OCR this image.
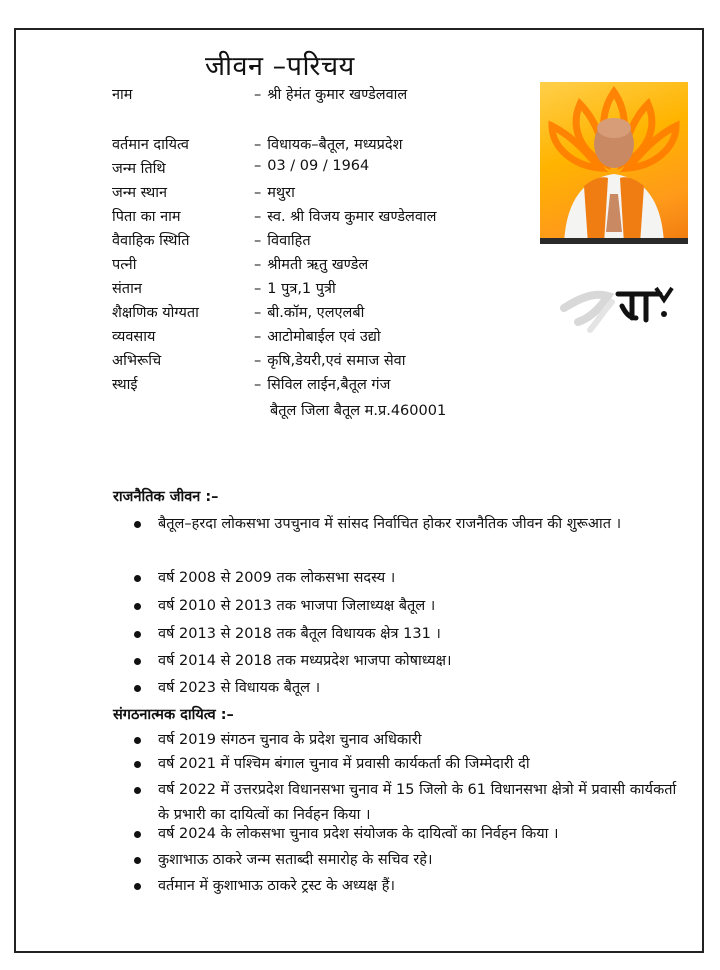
जीवन –परिचय
नाम	– श्री हेमंत कुमार खण्डेलवाल
वर्तमान दायित्व	– विधायक–बैतूल, मध्यप्रदेश
जन्म तिथि	– 03 / 09 / 1964
जन्म स्थान	– मथुरा
पिता का नाम	– स्व. श्री विजय कुमार खण्डेलवाल
वैवाहिक स्थिति	– विवाहित
पत्नी	– श्रीमती ऋतु खण्डेल
संतान	– 1 पुत्र,1 पुत्री
शैक्षणिक योग्यता	– बी.कॉम, एलएलबी
व्यवसाय	– आटोमोबाईल एवं उद्यो
अभिरूचि	– कृषि,डेयरी,एवं समाज सेवा
स्थाई	– सिविल लाईन,बैतूल गंज
बैतूल जिला बैतूल म.प्र.460001
राजनैतिक जीवन :–
बैतूल–हरदा लोकसभा उपचुनाव में सांसद निर्वाचित होकर राजनैतिक जीवन की शुरूआत ।
वर्ष 2008 से 2009 तक लोकसभा सदस्य ।
वर्ष 2010 से 2013 तक भाजपा जिलाध्यक्ष बैतूल ।
वर्ष 2013 से 2018 तक बैतूल विधायक क्षेत्र 131 ।
वर्ष 2014 से 2018 तक मध्यप्रदेश भाजपा कोषाध्यक्ष।
वर्ष 2023 से विधायक बैतूल ।
संगठनात्मक दायित्व :–
वर्ष 2019 संगठन चुनाव के प्रदेश चुनाव अधिकारी
वर्ष 2021 में पश्चिम बंगाल चुनाव में प्रवासी कार्यकर्ता की जिम्मेदारी दी
वर्ष 2022 में उत्तरप्रदेश विधानसभा चुनाव में 15 जिलो के 61 विधानसभा क्षेत्रो में प्रवासी कार्यकर्ता के प्रभारी का दायित्वों का निर्वहन किया ।
वर्ष 2024 के लोकसभा चुनाव प्रदेश संयोजक के दायित्वों का निर्वहन किया ।
कुशाभाऊ ठाकरे जन्म सताब्दी समारोह के सचिव रहे।
वर्तमान में कुशाभाऊ ठाकरे ट्रस्ट के अध्यक्ष हैं।
